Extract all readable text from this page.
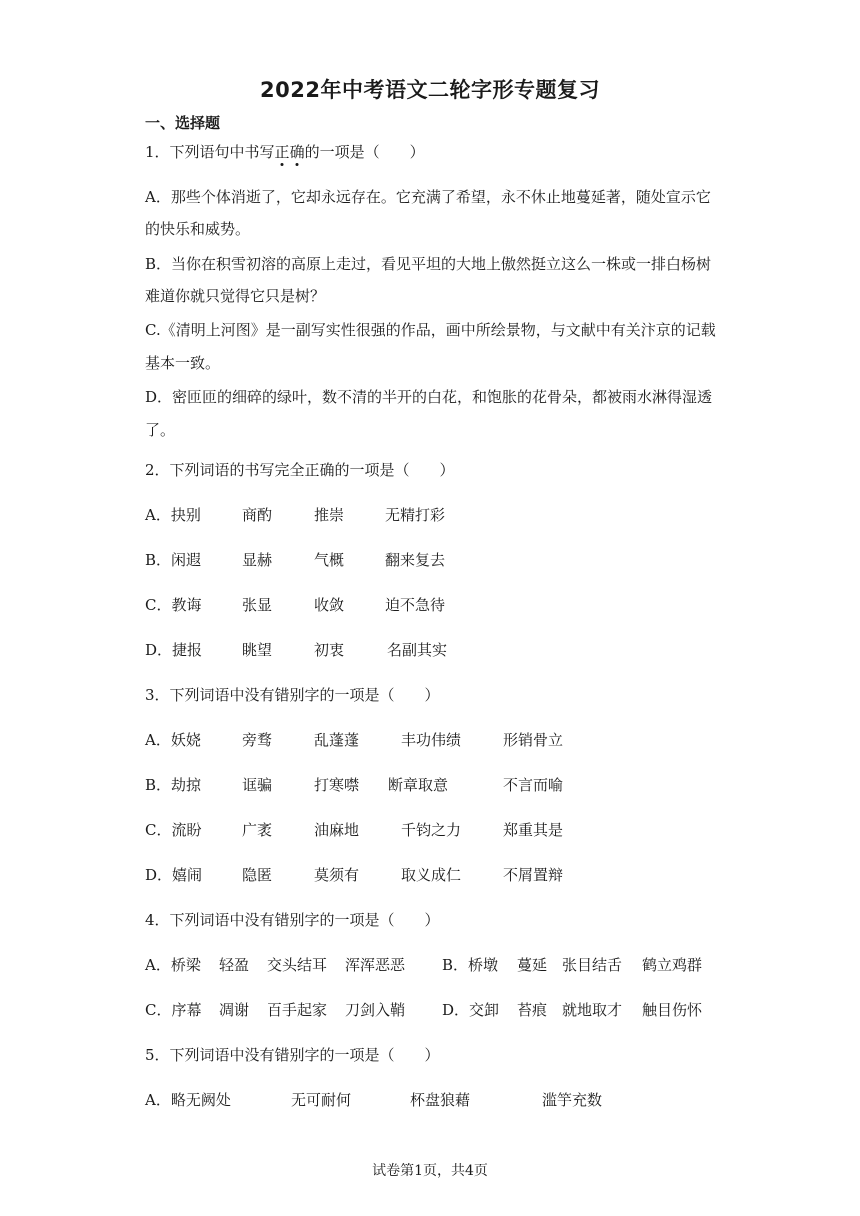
2022年中考语文二轮字形专题复习
一、选择题
1．下列语句中书写正
确
的一项是（　　）
A．那些个体消逝了，它却永远存在。它充满了希望，永不休止地蔓延著，随处宣示它
的快乐和威势。
B．当你在积雪初溶的高原上走过，看见平坦的大地上傲然挺立这么一株或一排白杨树
难道你就只觉得它只是树？
C.《清明上河图》是一副写实性很强的作品，画中所绘景物，与文献中有关汴京的记载
基本一致。
D．密匝匝的细碎的绿叶，数不清的半开的白花，和饱胀的花骨朵，都被雨水淋得湿透
了。
2．下列词语的书写完全正确的一项是（　　）
A．抉别	商酌	推崇	无精打彩
B．闲遐	显赫	气概	翻来复去
C．教诲	张显	收敛	迫不急待
D．捷报	眺望	初衷	名副其实
3．下列词语中没有错别字的一项是（　　）
A．妖娆	旁骛	乱蓬蓬	丰功伟绩	形销骨立
B．劫掠	诓骗	打寒噤 断章取意	不言而喻
C．流盼	广袤	油麻地	千钧之力	郑重其是
D．嬉闹	隐匿	莫须有	取义成仁	不屑置辩
4．下列词语中没有错别字的一项是（　　）
A．桥梁 轻盈 交头结耳 浑浑恶恶 B．桥墩 蔓延 张目结舌 鹤立鸡群
C．序幕 凋谢 百手起家 刀剑入鞘 D．交卸 苔痕 就地取才 触目伤怀
5．下列词语中没有错别字的一项是（　　）
A．略无阙处	无可耐何	杯盘狼藉	滥竽充数
试卷第1页，共4页
